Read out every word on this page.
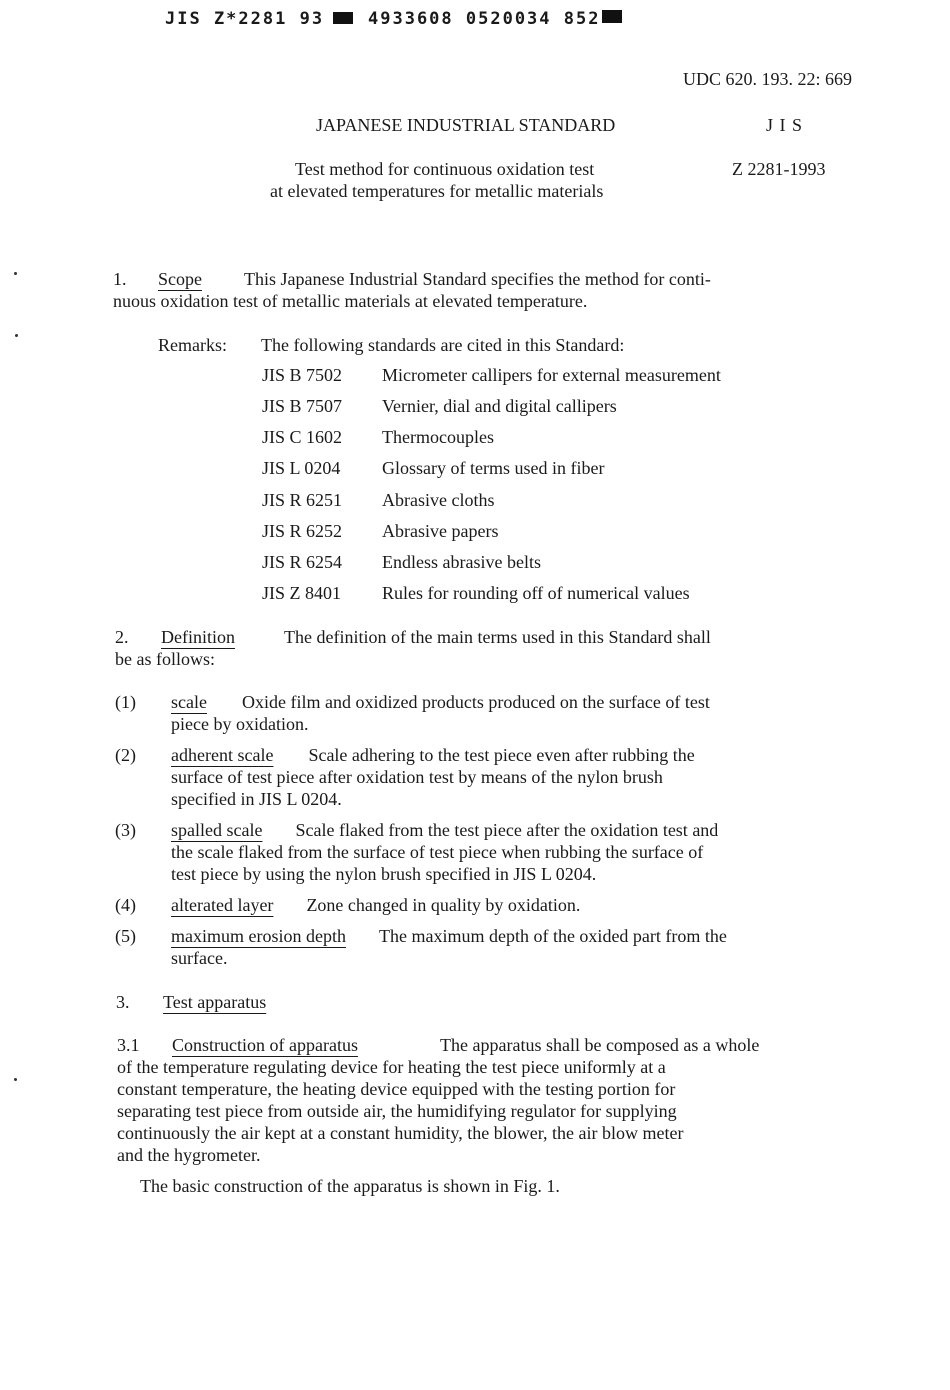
JIS Z*2281 93	4933608 0520034 852
UDC 620. 193. 22: 669
JAPANESE INDUSTRIAL STANDARD	J I S
Test method for continuous oxidation test
at elevated temperatures for metallic materials
Z 2281-1993
1. Scope This Japanese Industrial Standard specifies the method for conti-
nuous oxidation test of metallic materials at elevated temperature.
Remarks: The following standards are cited in this Standard:
JIS B 7502 Micrometer callipers for external measurement
JIS B 7507 Vernier, dial and digital callipers
JIS C 1602 Thermocouples
JIS L 0204 Glossary of terms used in fiber
JIS R 6251 Abrasive cloths
JIS R 6252 Abrasive papers
JIS R 6254 Endless abrasive belts
JIS Z 8401 Rules for rounding off of numerical values
2. Definition	The definition of the main terms used in this Standard shall
be as follows:
(1) scale Oxide film and oxidized products produced on the surface of test
piece by oxidation.
(2) adherent scale Scale adhering to the test piece even after rubbing the
surface of test piece after oxidation test by means of the nylon brush
specified in JIS L 0204.
(3) spalled scale Scale flaked from the test piece after the oxidation test and
the scale flaked from the surface of test piece when rubbing the surface of
test piece by using the nylon brush specified in JIS L 0204.
(4) alterated layer Zone changed in quality by oxidation.
(5) maximum erosion depth The maximum depth of the oxided part from the
surface.
3. Test apparatus
3.1 Construction of apparatus	The apparatus shall be composed as a whole
of the temperature regulating device for heating the test piece uniformly at a
constant temperature, the heating device equipped with the testing portion for
separating test piece from outside air, the humidifying regulator for supplying
continuously the air kept at a constant humidity, the blower, the air blow meter
and the hygrometer.
The basic construction of the apparatus is shown in Fig. 1.
